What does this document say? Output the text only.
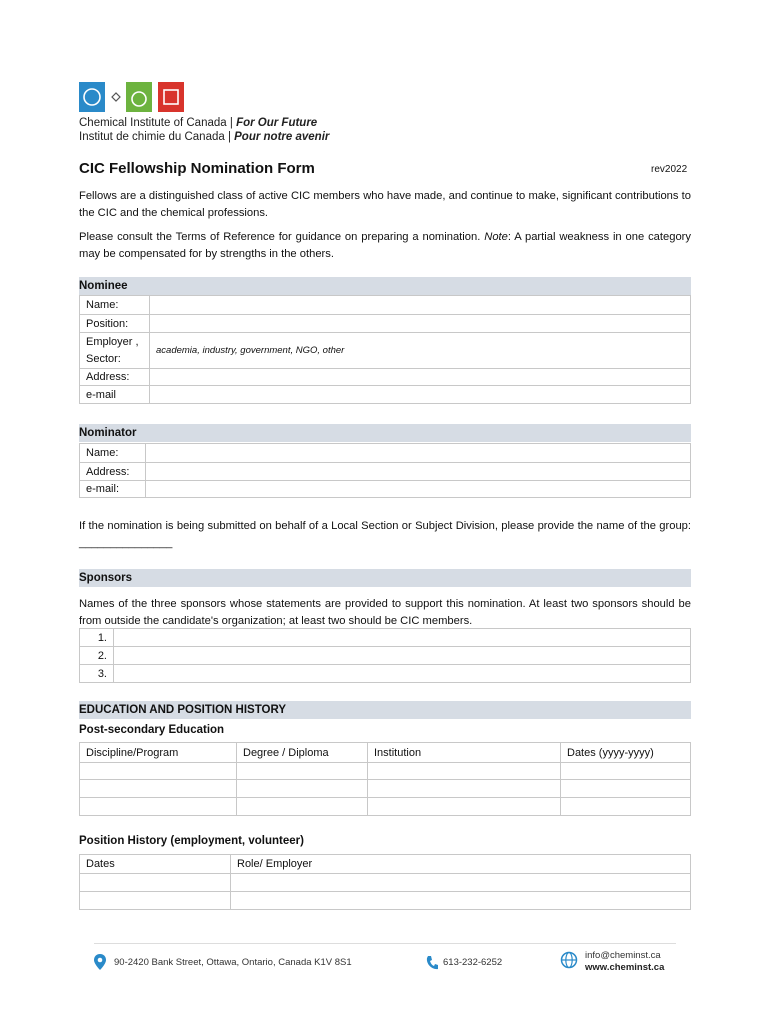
Chemical Institute of Canada | For Our Future
Institut de chimie du Canada | Pour notre avenir
CIC Fellowship Nomination Form	rev2022
Fellows are a distinguished class of active CIC members who have made, and continue to make, significant contributions to the CIC and the chemical professions.
Please consult the Terms of Reference for guidance on preparing a nomination. Note: A partial weakness in one category may be compensated for by strengths in the others.
Nominee
Name:	
Position:	
Employer , Sector:	academia, industry, government, NGO, other
Address:	
e-mail	
Nominator
Name:	
Address:	
e-mail:	
If the nomination is being submitted on behalf of a Local Section or Subject Division, please provide the name of the group: _______________
Sponsors
Names of the three sponsors whose statements are provided to support this nomination. At least two sponsors should be from outside the candidate's organization; at least two should be CIC members.
1.	
2.	
3.	
EDUCATION AND POSITION HISTORY
Post-secondary Education
Discipline/Program	Degree / Diploma	Institution	Dates (yyyy-yyyy)

Position History (employment, volunteer)
Dates	Role/ Employer

90-2420 Bank Street, Ottawa, Ontario, Canada K1V 8S1	613-232-6252
info@cheminst.ca
www.cheminst.ca
